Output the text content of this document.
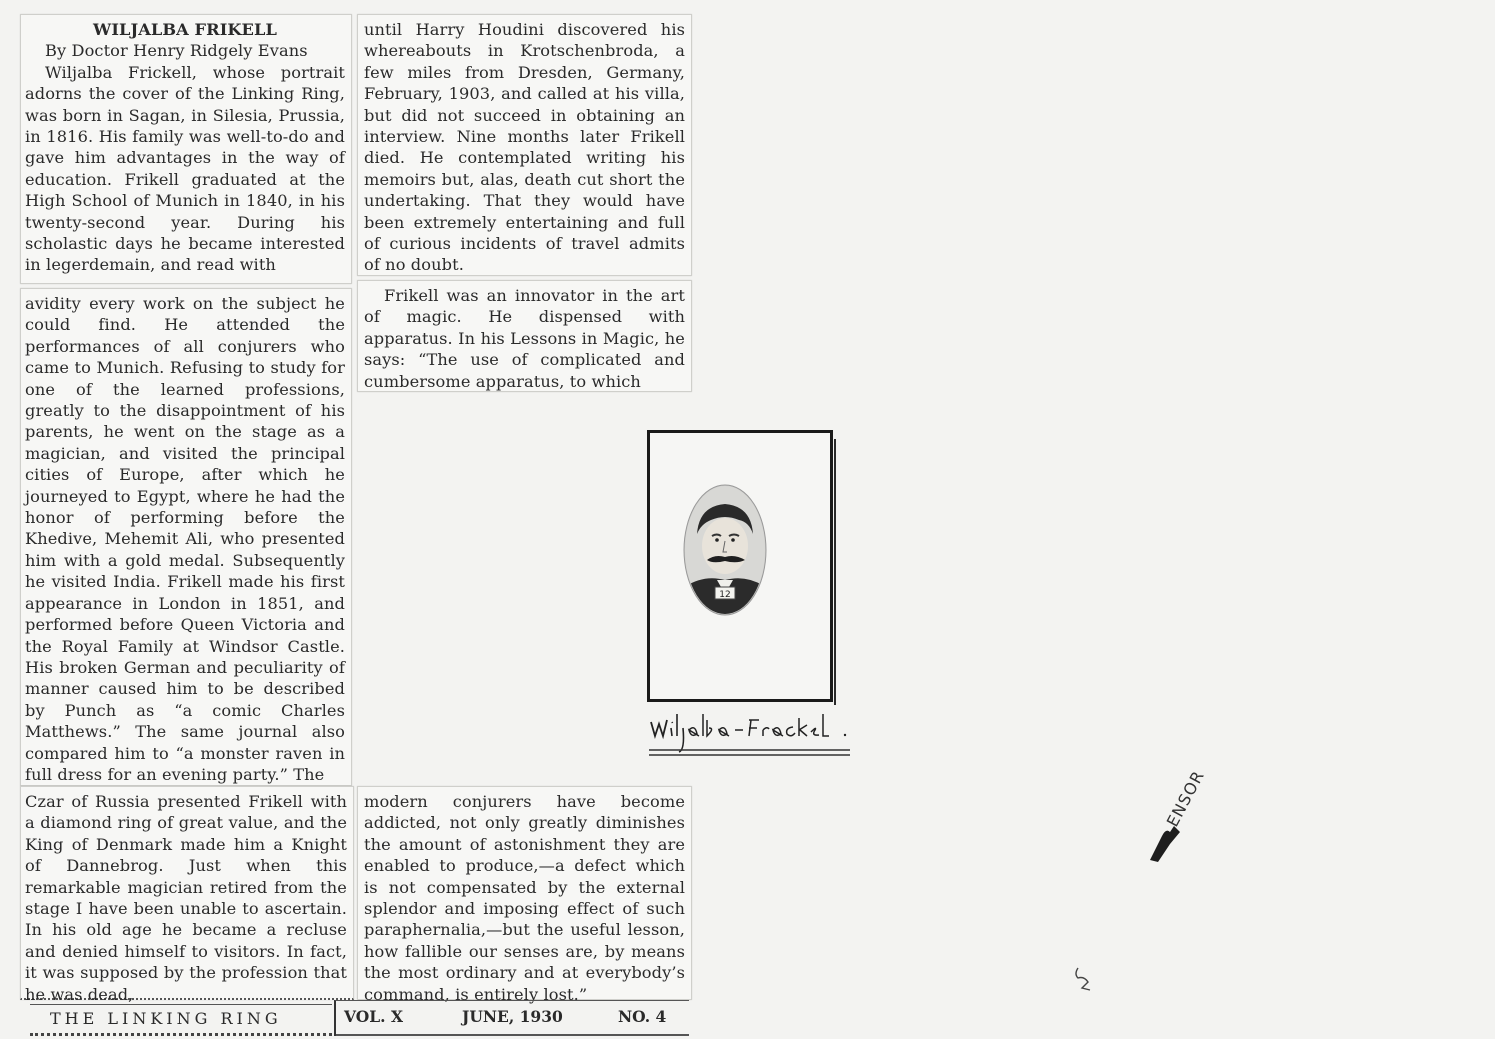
WILJALBA FRIKELL

By Doctor Henry Ridgely Evans

Wiljalba Frickell, whose portrait adorns the cover of the Linking Ring, was born in Sagan, in Silesia, Prussia, in 1816. His family was well-to-do and gave him advantages in the way of education. Frikell graduated at the High School of Munich in 1840, in his twenty-second year. During his scholastic days he became interested in legerdemain, and read with

avidity every work on the subject he could find. He attended the performances of all conjurers who came to Munich. Refusing to study for one of the learned professions, greatly to the disappointment of his parents, he went on the stage as a magician, and visited the principal cities of Europe, after which he journeyed to Egypt, where he had the honor of performing before the Khedive, Mehemit Ali, who presented him with a gold medal. Subsequently he visited India. Frikell made his first appearance in London in 1851, and performed before Queen Victoria and the Royal Family at Windsor Castle. His broken German and peculiarity of manner caused him to be described by Punch as “a comic Charles Matthews.” The same journal also compared him to “a monster raven in full dress for an evening party.” The

Czar of Russia presented Frikell with a diamond ring of great value, and the King of Denmark made him a Knight of Dannebrog. Just when this remarkable magician retired from the stage I have been unable to ascertain. In his old age he became a recluse and denied himself to visitors. In fact, it was supposed by the profession that he was dead,

until Harry Houdini discovered his whereabouts in Krotschenbroda, a few miles from Dresden, Germany, February, 1903, and called at his villa, but did not succeed in obtaining an interview. Nine months later Frikell died. He contemplated writing his memoirs but, alas, death cut short the undertaking. That they would have been extremely entertaining and full of curious incidents of travel admits of no doubt.

Frikell was an innovator in the art of magic. He dispensed with apparatus. In his Lessons in Magic, he says: “The use of complicated and cumbersome apparatus, to which

modern conjurers have become addicted, not only greatly diminishes the amount of astonishment they are enabled to produce,—a defect which is not compensated by the external splendor and imposing effect of such paraphernalia,—but the useful lesson, how fallible our senses are, by means the most ordinary and at everybody’s command, is entirely lost.”

THE LINKING RING	VOL. X	JUNE, 1930	NO. 4
12
ENSOR
